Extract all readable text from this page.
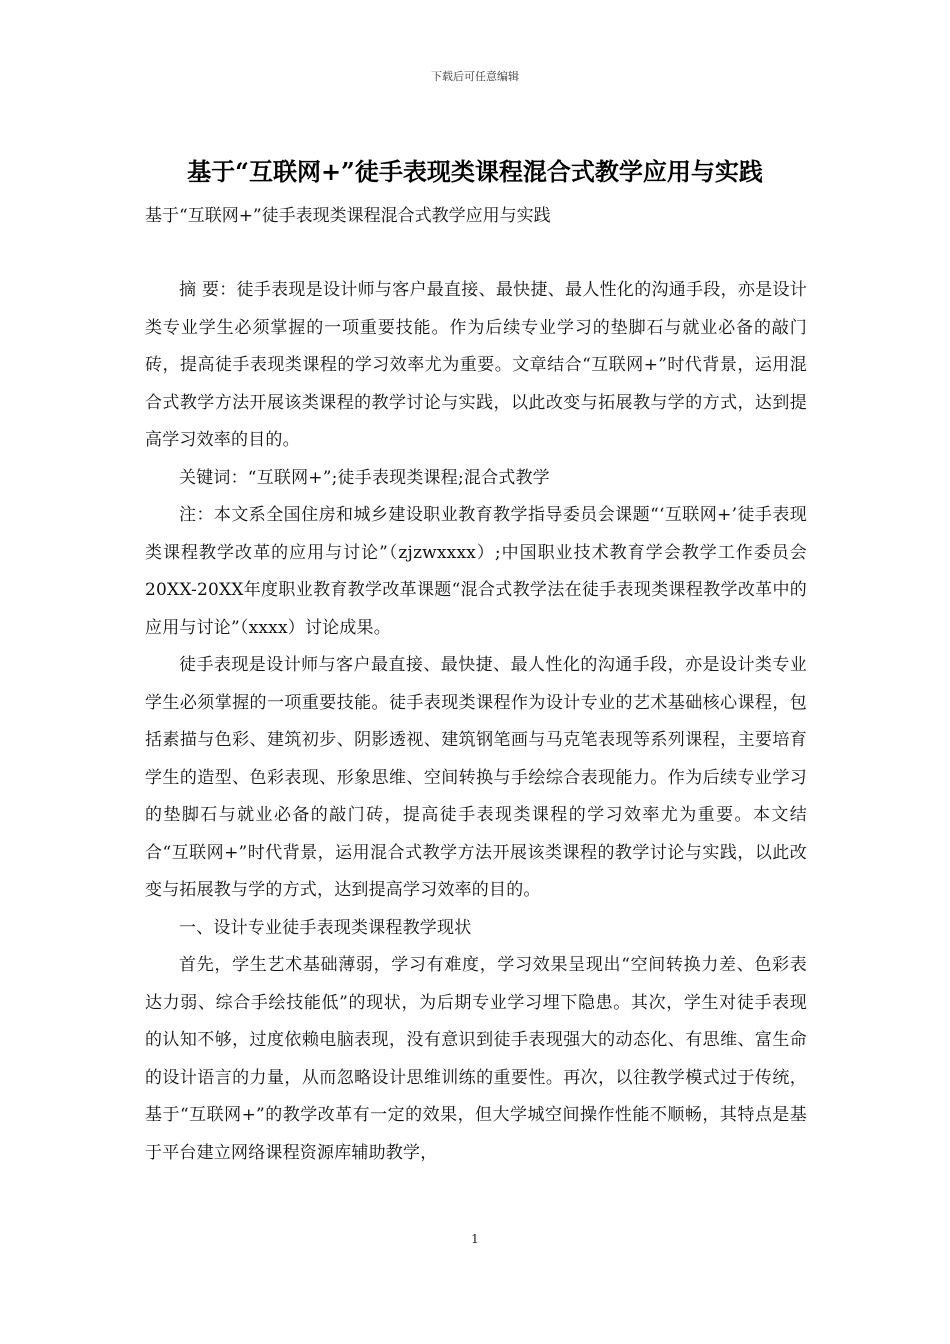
下载后可任意编辑
基于“互联网+”徒手表现类课程混合式教学应用与实践
基于“互联网+”徒手表现类课程混合式教学应用与实践

摘 要：徒手表现是设计师与客户最直接、最快捷、最人性化的沟通手段，亦是设计类专业学生必须掌握的一项重要技能。作为后续专业学习的垫脚石与就业必备的敲门砖，提高徒手表现类课程的学习效率尤为重要。文章结合“互联网+”时代背景，运用混合式教学方法开展该类课程的教学讨论与实践，以此改变与拓展教与学的方式，达到提高学习效率的目的。

关键词：“互联网+”;徒手表现类课程;混合式教学

注：本文系全国住房和城乡建设职业教育教学指导委员会课题“‘互联网+’徒手表现类课程教学改革的应用与讨论”（zjzwxxxx）;中国职业技术教育学会教学工作委员会20XX-20XX年度职业教育教学改革课题“混合式教学法在徒手表现类课程教学改革中的应用与讨论”（xxxx）讨论成果。

徒手表现是设计师与客户最直接、最快捷、最人性化的沟通手段，亦是设计类专业学生必须掌握的一项重要技能。徒手表现类课程作为设计专业的艺术基础核心课程，包括素描与色彩、建筑初步、阴影透视、建筑钢笔画与马克笔表现等系列课程，主要培育学生的造型、色彩表现、形象思维、空间转换与手绘综合表现能力。作为后续专业学习的垫脚石与就业必备的敲门砖，提高徒手表现类课程的学习效率尤为重要。本文结合“互联网+”时代背景，运用混合式教学方法开展该类课程的教学讨论与实践，以此改变与拓展教与学的方式，达到提高学习效率的目的。

一、设计专业徒手表现类课程教学现状

首先，学生艺术基础薄弱，学习有难度，学习效果呈现出“空间转换力差、色彩表达力弱、综合手绘技能低”的现状，为后期专业学习埋下隐患。其次，学生对徒手表现的认知不够，过度依赖电脑表现，没有意识到徒手表现强大的动态化、有思维、富生命的设计语言的力量，从而忽略设计思维训练的重要性。再次，以往教学模式过于传统，基于“互联网+”的教学改革有一定的效果，但大学城空间操作性能不顺畅，其特点是基于平台建立网络课程资源库辅助教学，

1
